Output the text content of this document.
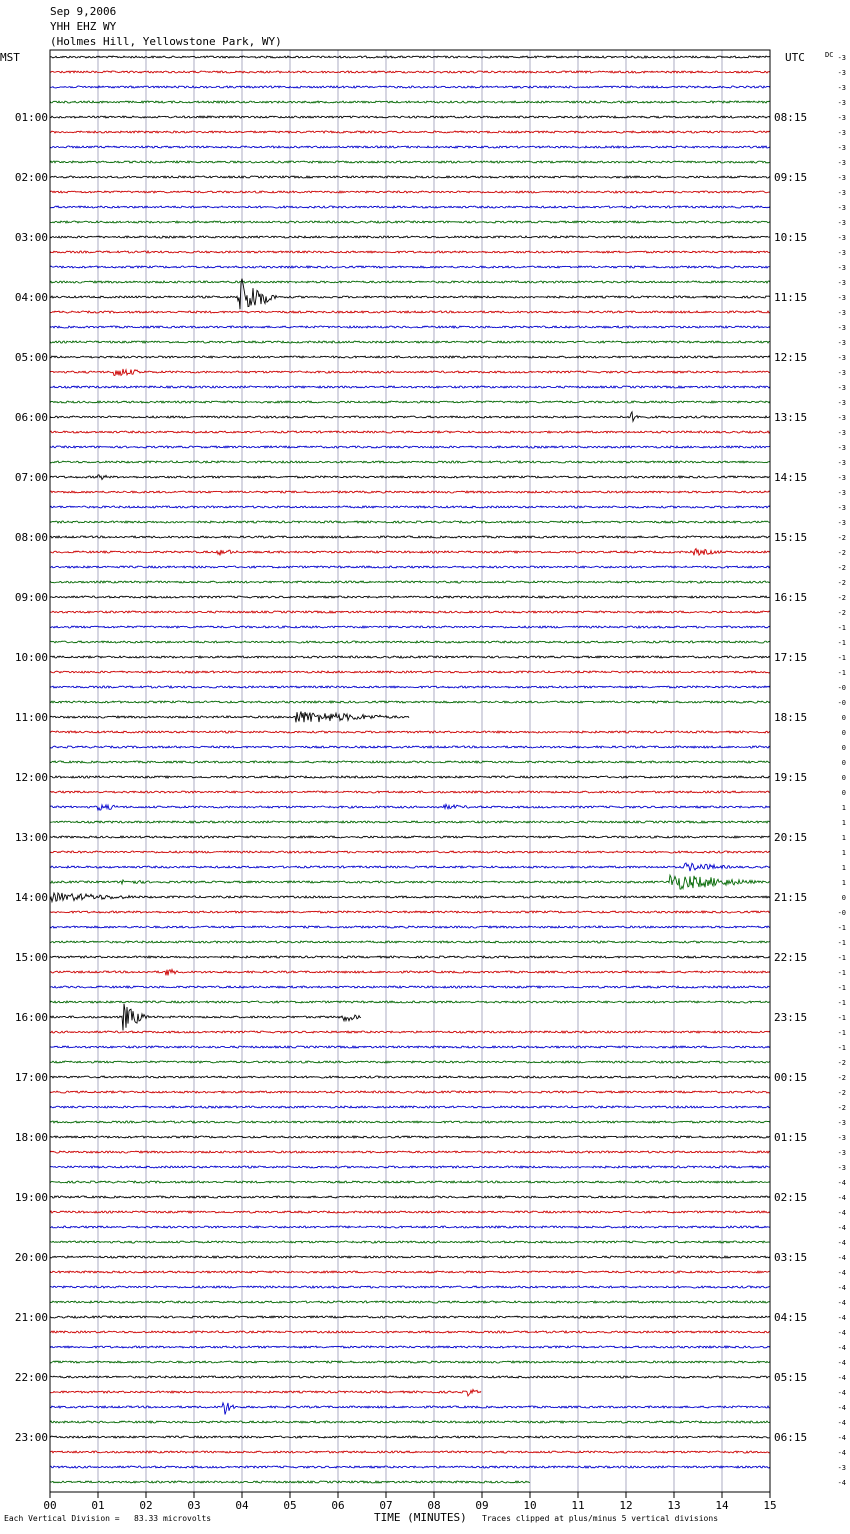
Sep 9,2006
YHH EHZ WY
(Holmes Hill, Yellowstone Park, WY)
00	01	02	03	04	05	06	07	08	09	10	11	12	13	14	15
01:00
02:00
03:00
04:00
05:00
06:00
07:00
08:00
09:00
10:00
11:00
12:00
13:00
14:00
15:00
16:00
17:00
18:00
19:00
20:00
21:00
22:00
23:00
08:15
09:15
10:15
11:15
12:15
13:15
14:15
15:15
16:15
17:15
18:15
19:15
20:15
21:15
22:15
23:15
00:15
01:15
02:15
03:15
04:15
05:15
06:15
-3
-3
-3
-3
-3
-3
-3
-3
-3
-3
-3
-3
-3
-3
-3
-3
-3
-3
-3
-3
-3
-3
-3
-3
-3
-3
-3
-3
-3
-3
-3
-3
-2
-2
-2
-2
-2
-2
-1
-1
-1
-1
-0
-0
0
0
0
0
0
0
1
1
1
1
1
1
0
-0
-1
-1
-1
-1
-1
-1
-1
-1
-1
-2
-2
-2
-2
-3
-3
-3
-3
-4
-4
-4
-4
-4
-4
-4
-4
-4
-4
-4
-4
-4
-4
-4
-4
-4
-4
-4
-3
-4
MST	UTC	DC
Each Vertical Division =   83.33 microvolts	TIME (MINUTES) Traces clipped at plus/minus 5 vertical divisions
